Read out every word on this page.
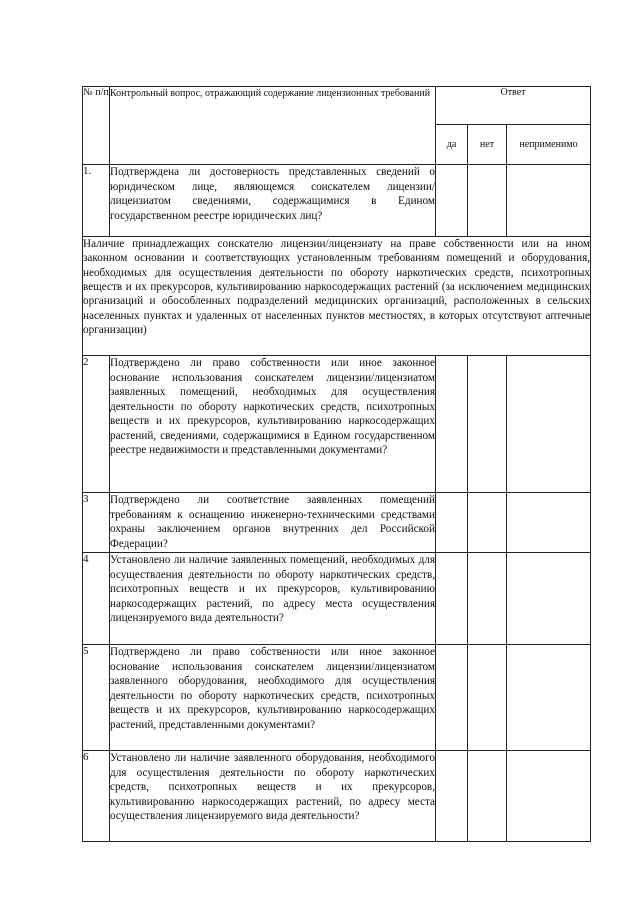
№ п/п	Контрольный вопрос, отражающий содержание лицензионных требований	Ответ		
		да	нет	неприменимо
1.	Подтверждена ли достоверность представленных сведений о юридическом лице, являющемся соискателем лицензии/лицензиатом сведениями, содержащимися в Едином государственном реестре юридических лиц?			
Наличие принадлежащих соискателю лицензии/лицензиату на праве собственности или на ином законном основании и соответствующих установленным требованиям помещений и оборудования, необходимых для осуществления деятельности по обороту наркотических средств, психотропных веществ и их прекурсоров, культивированию наркосодержащих растений (за исключением медицинских организаций и обособленных подразделений медицинских организаций, расположенных в сельских населенных пунктах и удаленных от населенных пунктов местностях, в которых отсутствуют аптечные организации)				
2	Подтверждено ли право собственности или иное законное основание использования соискателем лицензии/лицензиатом заявленных помещений, необходимых для осуществления деятельности по обороту наркотических средств, психотропных веществ и их прекурсоров, культивированию наркосодержащих растений, сведениями, содержащимися в Едином государственном реестре недвижимости и представленными документами?			
3	Подтверждено ли соответствие заявленных помещений требованиям к оснащению инженерно-техническими средствами охраны заключением органов внутренних дел Российской Федерации?			
4	Установлено ли наличие заявленных помещений, необходимых для осуществления деятельности по обороту наркотических средств, психотропных веществ и их прекурсоров, культивированию наркосодержащих растений, по адресу места осуществления лицензируемого вида деятельности?			
5	Подтверждено ли право собственности или иное законное основание использования соискателем лицензии/лицензиатом заявленного оборудования, необходимого для осуществления деятельности по обороту наркотических средств, психотропных веществ и их прекурсоров, культивированию наркосодержащих растений, представленными документами?			
6	Установлено ли наличие заявленного оборудования, необходимого для осуществления деятельности по обороту наркотических средств, психотропных веществ и их прекурсоров, культивированию наркосодержащих растений, по адресу места осуществления лицензируемого вида деятельности?			
